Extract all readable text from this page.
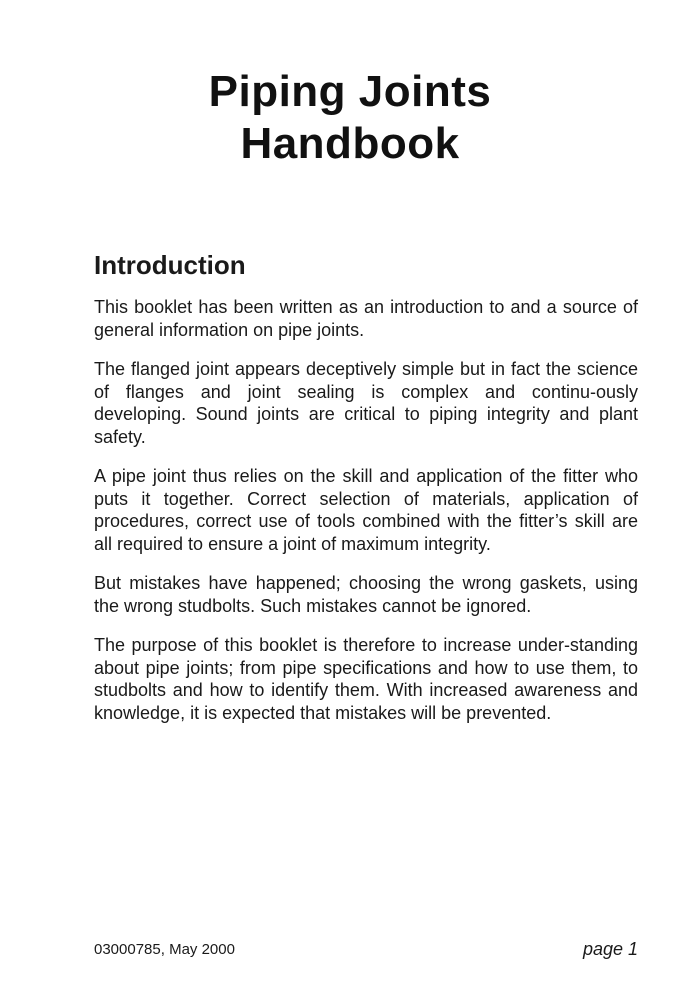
Piping Joints
Handbook
Introduction

This booklet has been written as an introduction to and a source of general information on pipe joints.

The flanged joint appears deceptively simple but in fact the science of flanges and joint sealing is complex and continu-ously developing. Sound joints are critical to piping integrity and plant safety.

A pipe joint thus relies on the skill and application of the fitter who puts it together. Correct selection of materials, application of procedures, correct use of tools combined with the fitter’s skill are all required to ensure a joint of maximum integrity.

But mistakes have happened; choosing the wrong gaskets, using the wrong studbolts. Such mistakes cannot be ignored.

The purpose of this booklet is therefore to increase under-standing about pipe joints; from pipe specifications and how to use them, to studbolts and how to identify them. With increased awareness and knowledge, it is expected that mistakes will be prevented.

03000785, May 2000	page 1
